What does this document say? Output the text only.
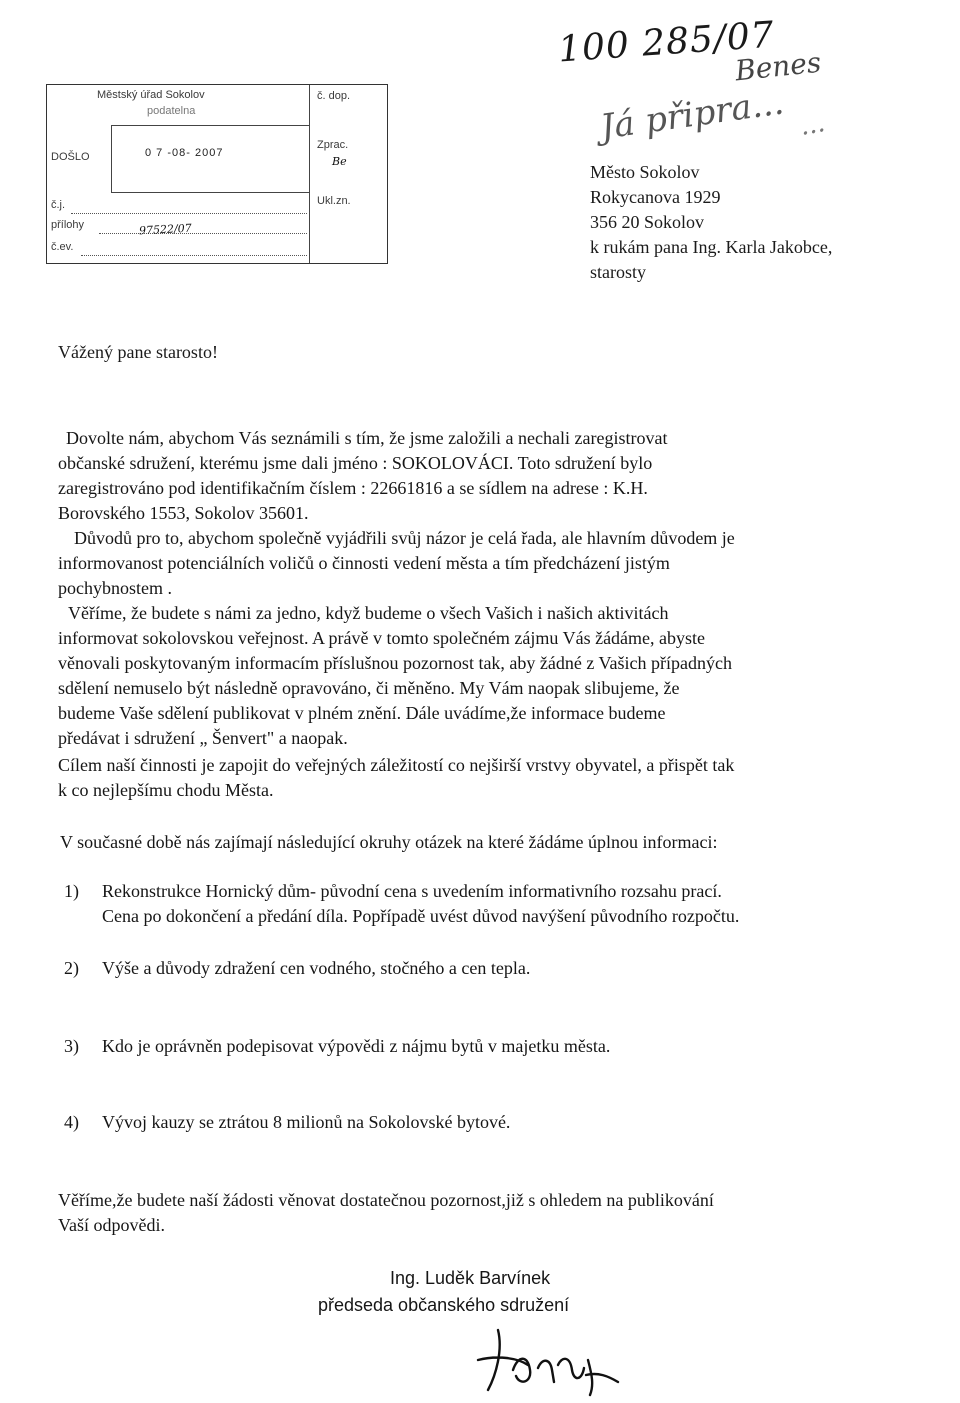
100 285/07
Benes
Já připra... ...
Městský úřad Sokolov
podatelna
č. dop.
Zprac.
Ukl.zn.
DOŠLO	0 7 -08- 2007
č.j.
přílohy
č.ev.
97522/07
Be
Město Sokolov
Rokycanova 1929
356 20 Sokolov
k rukám pana Ing. Karla Jakobce,
starosty
Vážený pane starosto!
Dovolte nám, abychom Vás seznámili s tím, že jsme založili a nechali zaregistrovat
občanské sdružení, kterému jsme dali jméno : SOKOLOVÁCI. Toto sdružení bylo
zaregistrováno pod identifikačním číslem : 22661816 a se sídlem na adrese : K.H.
Borovského 1553, Sokolov 35601.
Důvodů pro to, abychom společně vyjádřili svůj názor je celá řada, ale hlavním důvodem je
informovanost potenciálních voličů o činnosti vedení města a tím předcházení jistým
pochybnostem .
Věříme, že budete s námi za jedno, když budeme o všech Vašich i našich aktivitách
informovat sokolovskou veřejnost. A právě v tomto společném zájmu Vás žádáme, abyste
věnovali poskytovaným informacím příslušnou pozornost tak, aby žádné z Vašich případných
sdělení nemuselo být následně opravováno, či měněno. My Vám naopak slibujeme, že
budeme Vaše sdělení publikovat v plném znění. Dále uvádíme,že informace budeme
předávat i sdružení „ Šenvert" a naopak.
Cílem naší činnosti je zapojit do veřejných záležitostí co nejširší vrstvy obyvatel, a přispět tak
k co nejlepšímu chodu Města.
V současné době nás zajímají následující okruhy otázek na které žádáme úplnou informaci:
1) Rekonstrukce Hornický dům- původní cena s uvedením informativního rozsahu prací.
Cena po dokončení a předání díla. Popřípadě uvést důvod navýšení původního rozpočtu.
2) Výše a důvody zdražení cen vodného, stočného a cen tepla.
3) Kdo je oprávněn podepisovat výpovědi z nájmu bytů v majetku města.
4) Vývoj kauzy se ztrátou 8 milionů na Sokolovské bytové.
Věříme,že budete naší žádosti věnovat dostatečnou pozornost,již s ohledem na publikování
Vaší odpovědi.
Ing. Luděk Barvínek
předseda občanského sdružení
